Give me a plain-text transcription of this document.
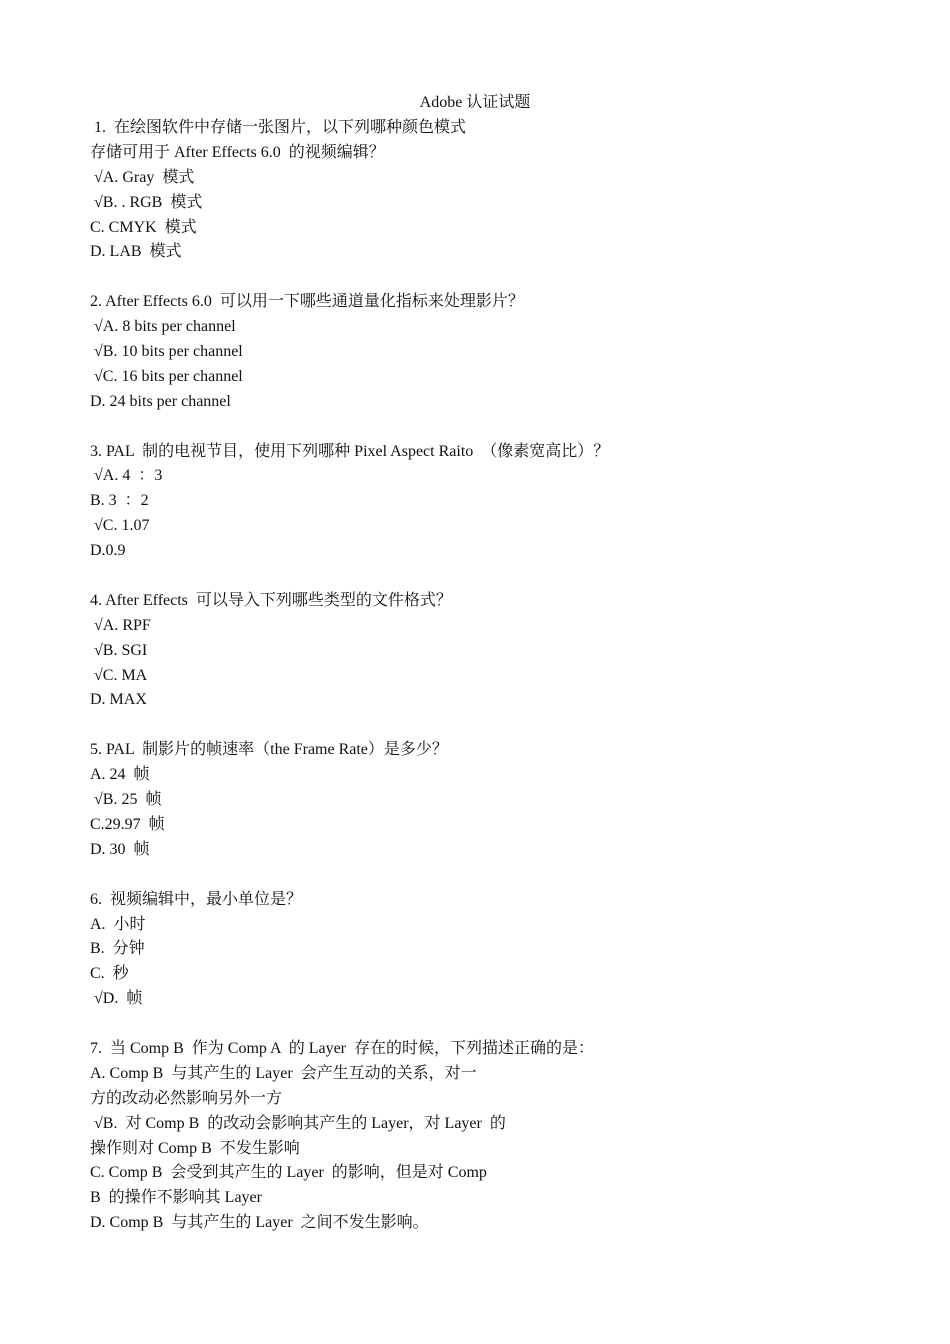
Adobe 认证试题
1.  在绘图软件中存储一张图片，以下列哪种颜色模式
存储可用于 After Effects 6.0  的视频编辑？
√A. Gray  模式
√B. . RGB  模式
C. CMYK  模式
D. LAB  模式
2. After Effects 6.0  可以用一下哪些通道量化指标来处理影片？
√A. 8 bits per channel
√B. 10 bits per channel
√C. 16 bits per channel
D. 24 bits per channel
3. PAL  制的电视节目，使用下列哪种 Pixel Aspect Raito  （像素宽高比）？
√A. 4  ：3
B. 3  ：2
√C. 1.07
D.0.9
4. After Effects  可以导入下列哪些类型的文件格式？
√A. RPF
√B. SGI
√C. MA
D. MAX
5. PAL  制影片的帧速率（the Frame Rate）是多少？
A. 24  帧
√B. 25  帧
C.29.97  帧
D. 30  帧
6.  视频编辑中，最小单位是？
A.  小时
B.  分钟
C.  秒
√D.  帧
7.  当 Comp B  作为 Comp A  的 Layer  存在的时候，下列描述正确的是：
A. Comp B  与其产生的 Layer  会产生互动的关系，对一
方的改动必然影响另外一方
√B.  对 Comp B  的改动会影响其产生的 Layer，对 Layer  的
操作则对 Comp B  不发生影响
C. Comp B  会受到其产生的 Layer  的影响，但是对 Comp
B  的操作不影响其 Layer
D. Comp B  与其产生的 Layer  之间不发生影响。
